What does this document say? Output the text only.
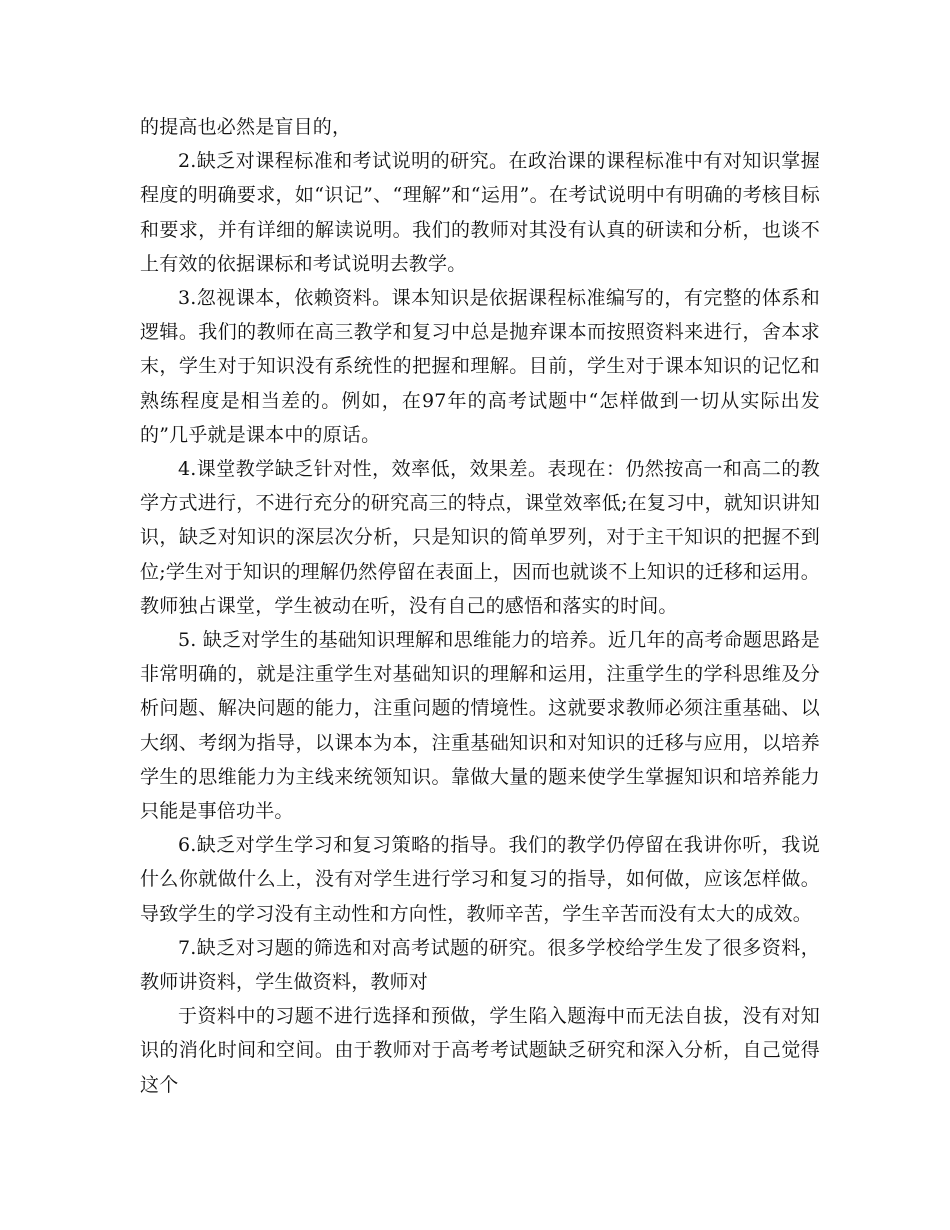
的提高也必然是盲目的，

2.缺乏对课程标准和考试说明的研究。在政治课的课程标准中有对知识掌握程度的明确要求，如“识记”、“理解”和“运用”。在考试说明中有明确的考核目标和要求，并有详细的解读说明。我们的教师对其没有认真的研读和分析，也谈不上有效的依据课标和考试说明去教学。

3.忽视课本，依赖资料。课本知识是依据课程标准编写的，有完整的体系和逻辑。我们的教师在高三教学和复习中总是抛弃课本而按照资料来进行，舍本求末，学生对于知识没有系统性的把握和理解。目前，学生对于课本知识的记忆和熟练程度是相当差的。例如，在97年的高考试题中“怎样做到一切从实际出发的”几乎就是课本中的原话。

4.课堂教学缺乏针对性，效率低，效果差。表现在：仍然按高一和高二的教学方式进行，不进行充分的研究高三的特点，课堂效率低;在复习中，就知识讲知识，缺乏对知识的深层次分析，只是知识的简单罗列，对于主干知识的把握不到位;学生对于知识的理解仍然停留在表面上，因而也就谈不上知识的迁移和运用。教师独占课堂，学生被动在听，没有自己的感悟和落实的时间。

5. 缺乏对学生的基础知识理解和思维能力的培养。近几年的高考命题思路是非常明确的，就是注重学生对基础知识的理解和运用，注重学生的学科思维及分析问题、解决问题的能力，注重问题的情境性。这就要求教师必须注重基础、以大纲、考纲为指导，以课本为本，注重基础知识和对知识的迁移与应用，以培养学生的思维能力为主线来统领知识。靠做大量的题来使学生掌握知识和培养能力只能是事倍功半。

6.缺乏对学生学习和复习策略的指导。我们的教学仍停留在我讲你听，我说什么你就做什么上，没有对学生进行学习和复习的指导，如何做，应该怎样做。导致学生的学习没有主动性和方向性，教师辛苦，学生辛苦而没有太大的成效。

7.缺乏对习题的筛选和对高考试题的研究。很多学校给学生发了很多资料，教师讲资料，学生做资料，教师对

于资料中的习题不进行选择和预做，学生陷入题海中而无法自拔，没有对知识的消化时间和空间。由于教师对于高考考试题缺乏研究和深入分析，自己觉得这个
